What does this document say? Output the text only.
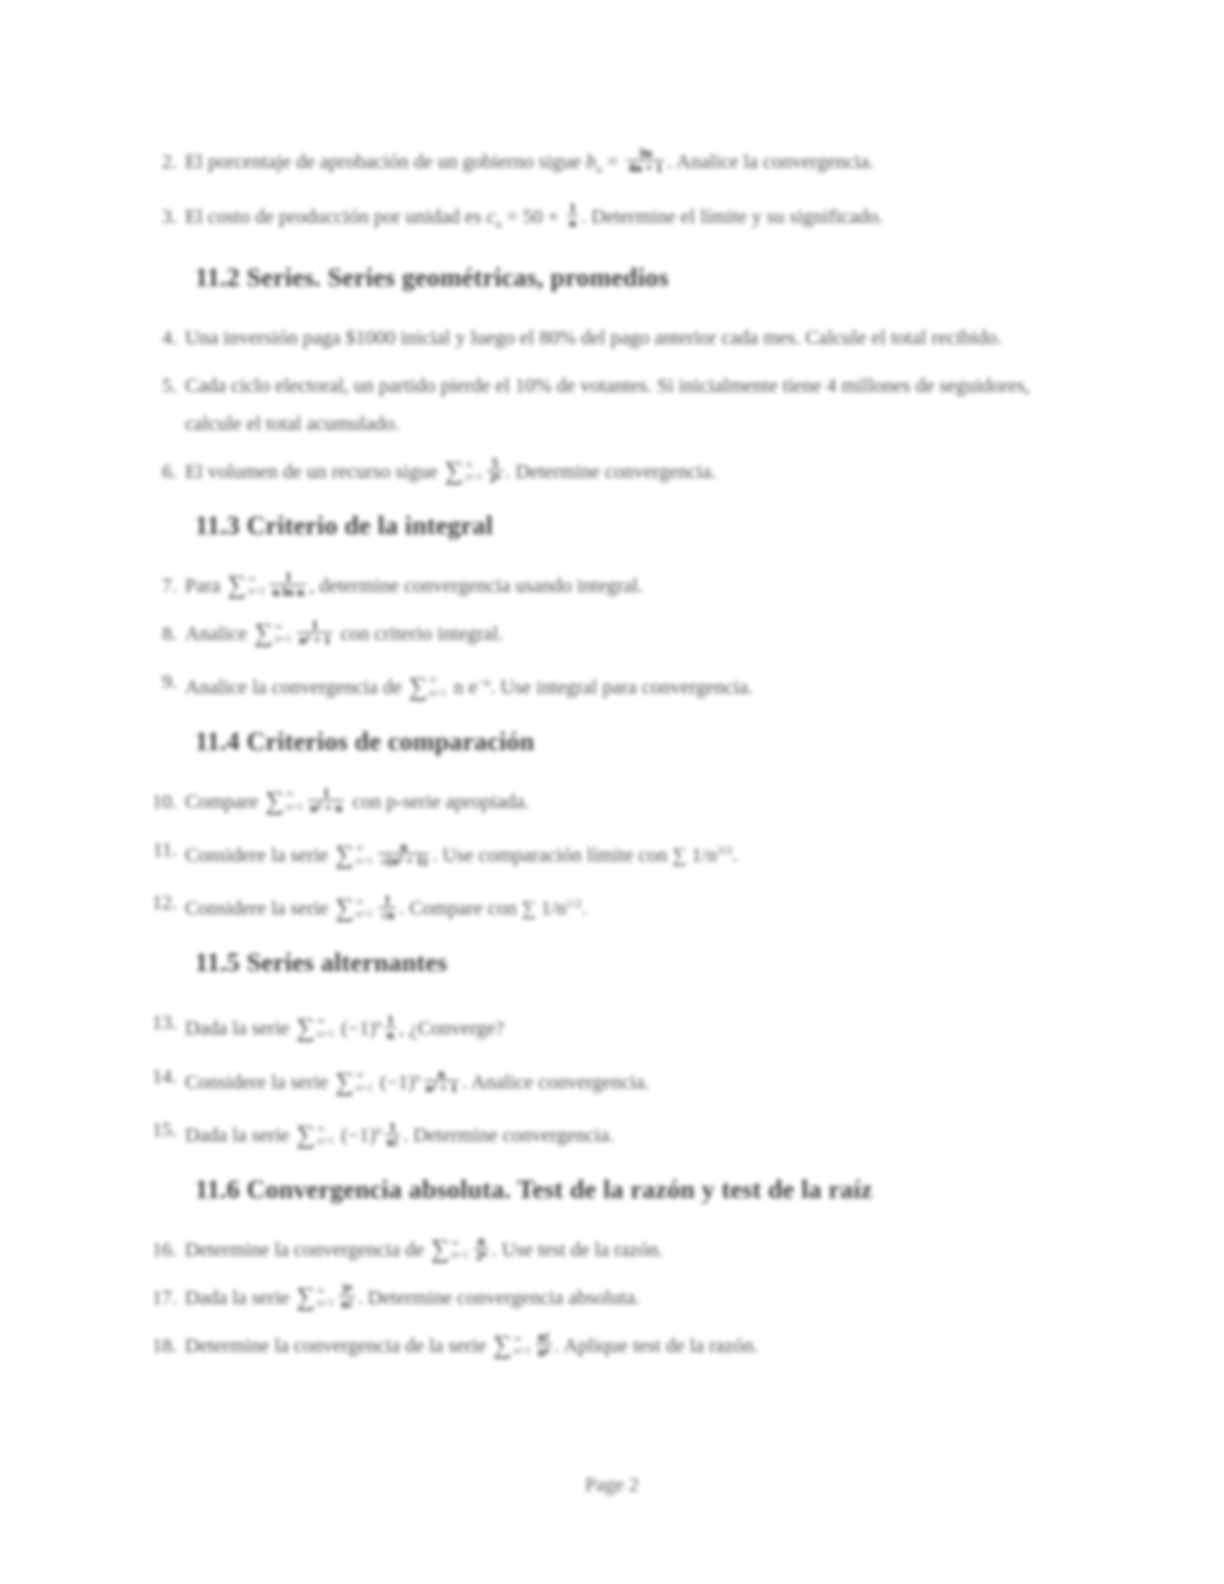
2. El porcentaje de aprobación de un gobierno sigue $b_n = \frac{3n}{4n + 1}$ . Analice la convergencia.
3. El costo de producción por unidad es $c_n = 50 + \frac{1}{n}$ . Determine el límite y su significado.
11.2 Series. Series geométricas, promedios
4. Una inversión paga $1000 inicial y luego el 80% del pago anterior cada mes. Calcule el total recibido.
5. Cada ciclo electoral, un partido pierde el 10% de votantes. Si inicialmente tiene 4 millones de seguidores, calcule el total acumulado.
6. El volumen de un recurso sigue ∑ ∞
$n=1 \frac{5}{\text{2ⁿ}}$ . Determine convergencia.
11.3 Criterio de la integral
7. Para ∑ ∞
$n=2 \frac{1}{\text{n ln n}}$ , determine convergencia usando integral.
8. Analice ∑ ∞
$n=1 \frac{1}{\text{n² + 1}}$ con criterio integral.
9. Analice la convergencia de ∑ ∞
n=1 n $e^{-n}$. Use integral para convergencia.
11.4 Criterios de comparación
10. Compare ∑ ∞
$n=1 \frac{1}{\text{n³ + n}}$ con p-serie apropiada.
11. Considere la serie ∑ ∞
$n=1 \frac{n}{\text{√(n⁵ + 1)}}$ . Use comparación límite con ∑ $1/n^{3/2}$.
12. Considere la serie ∑ ∞
$n=1 \frac{1}{√n}$ . Compare con ∑ $1/n^{1/2}$.
11.5 Series alternantes
13. Dada la serie ∑ ∞
n=1 $(-1)^n \frac{1}{n}$ , ¿Converge?
14. Considere la serie ∑ ∞
n=1 $(-1)^n \frac{n}{\text{n² + 1}}$ . Analice convergencia.
15. Dada la serie ∑ ∞
n=1 $(-1)^n \frac{1}{n!}$ . Determine convergencia.
11.6 Convergencia absoluta. Test de la razón y test de la raíz
16. Determine la convergencia de ∑ ∞
$n=1 \frac{n}{\text{2ⁿ}}$ . Use test de la razón.
17. Dada la serie ∑ ∞
$n=1 \frac{\text{3ⁿ}}{n!}$ . Determine convergencia absoluta.
18. Determine la convergencia de la serie ∑ ∞
$n=1 \frac{n!}{\text{nⁿ}}$ . Aplique test de la razón.
Page 2
